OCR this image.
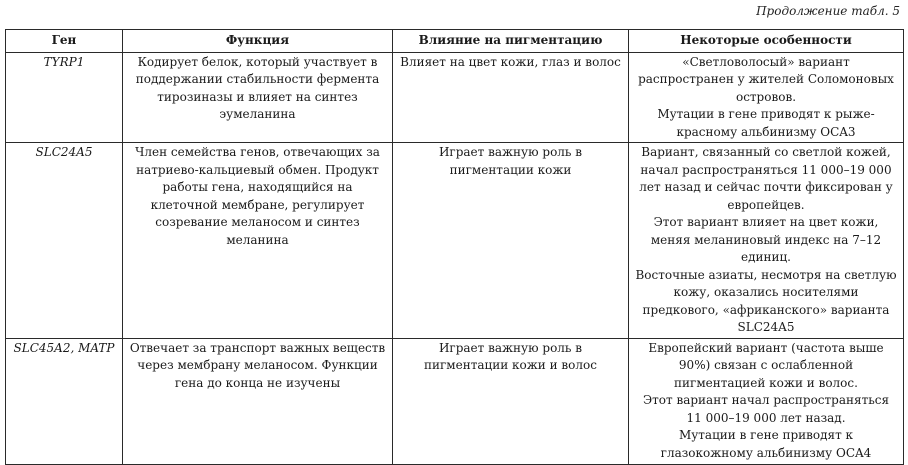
Продолжение табл. 5
Ген	Функция	Влияние на пигментацию	Некоторые особенности
TYRP1	Кодирует белок, который участвует в поддержании стабильности фермента тирозиназы и влияет на синтез эумеланина	Влияет на цвет кожи, глаз и волос	«Светловолосый» вариант распространен у жителей Соломоновых островов.
Мутации в гене приводят к рыже-красному альбинизму OCA3

SLC24A5	Член семейства генов, отвечающих за натриево-кальциевый обмен. Продукт работы гена, находящийся на клеточной мембране, регулирует созревание меланосом и синтез меланина	Играет важную роль в пигментации кожи	Вариант, связанный со светлой кожей, начал распространяться 11 000–19 000 лет назад и сейчас почти фиксирован у европейцев.
Этот вариант влияет на цвет кожи, меняя меланиновый индекс на 7–12 единиц.
Восточные азиаты, несмотря на светлую кожу, оказались носителями предкового, «африканского» варианта SLC24A5

SLC45A2, MATP	Отвечает за транспорт важных веществ через мембрану меланосом. Функции гена до конца не изучены	Играет важную роль в пигментации кожи и волос	Европейский вариант (частота выше 90%) связан с ослабленной пигментацией кожи и волос.
Этот вариант начал распространяться 11 000–19 000 лет назад.
Мутации в гене приводят к глазокожному альбинизму OCA4
